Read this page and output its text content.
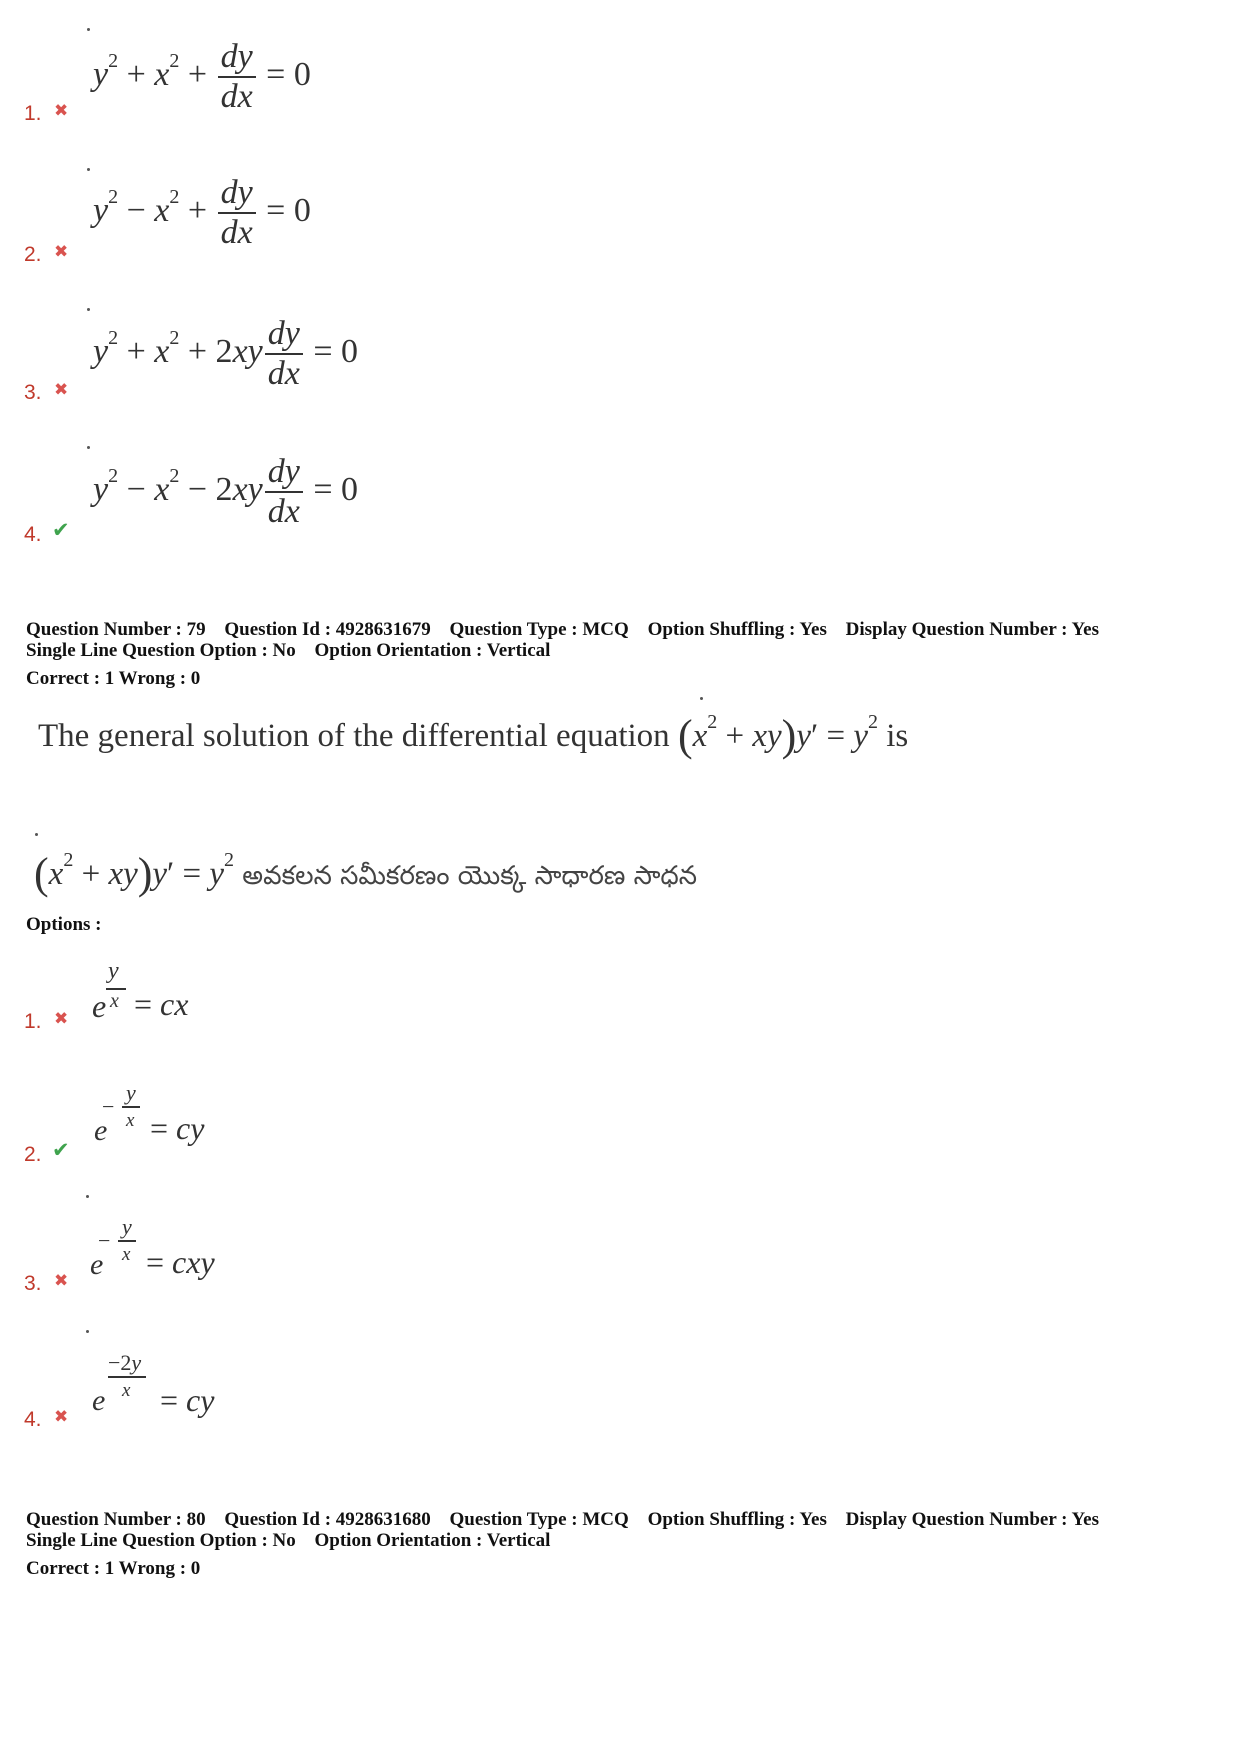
$y^2 + x^2 + \frac{dy}{dx} = 0$
1. ✖
$y^2 - x^2 + \frac{dy}{dx} = 0$
2. ✖
$y^2 + x^2 + 2xy \frac{dy}{dx} = 0$
3. ✖
$y^2 - x^2 - 2xy \frac{dy}{dx} = 0$
4. ✔
Question Number : 79 Question Id : 4928631679 Question Type : MCQ Option Shuffling : Yes Display Question Number : Yes
Single Line Question Option : No Option Orientation : Vertical
Correct : 1 Wrong : 0
The general solution of the differential equation $(x^2 + xy)y' = y^2$ is
$(x^2 + xy)y' = y^2$ అవకలన సమీకరణం యొక్క సాధారణ సాధన
Options :
y
e x = cx
1. ✖
−
y
e x = cy
2. ✔
−
y
e x = cxy
3. ✖
−2y
e x = cy
4. ✖
Question Number : 80 Question Id : 4928631680 Question Type : MCQ Option Shuffling : Yes Display Question Number : Yes
Single Line Question Option : No Option Orientation : Vertical
Correct : 1 Wrong : 0
